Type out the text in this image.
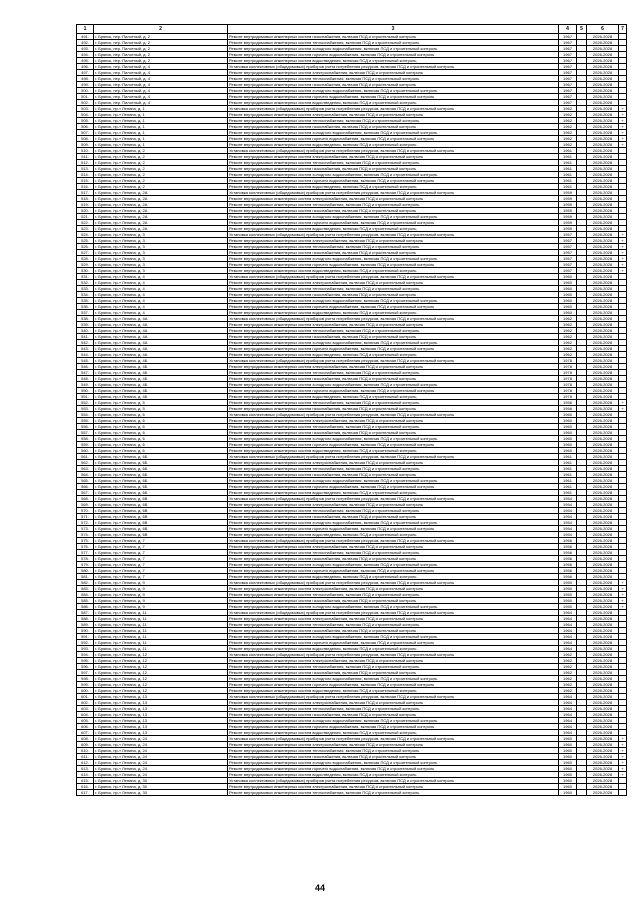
1	2	3	4	5	6	7
491.	г. Брянск, пер. Пилотный, д. 2	Ремонт внутридомовых инженерных систем газоснабжения, включая ПСД и строительный контроль	1967		2026-2028	
492.	г. Брянск, пер. Пилотный, д. 2	Ремонт внутридомовых инженерных систем теплоснабжения, включая ПСД и строительный контроль	1967		2026-2028	
493.	г. Брянск, пер. Пилотный, д. 2	Ремонт внутридомовых инженерных систем холодного водоснабжения, включая ПСД и строительный контроль	1967		2026-2028	
494.	г. Брянск, пер. Пилотный, д. 2	Ремонт внутридомовых инженерных систем горячего водоснабжения, включая ПСД и строительный контроль	1967		2026-2028	
495.	г. Брянск, пер. Пилотный, д. 2	Ремонт внутридомовых инженерных систем водоотведения, включая ПСД и строительный контроль	1967		2026-2028	
496.	г. Брянск, пер. Пилотный, д. 4	Установка коллективных (общедомовых) приборов учета потребления ресурсов, включая ПСД и строительный контроль	1967		2026-2028	
497.	г. Брянск, пер. Пилотный, д. 4	Ремонт внутридомовых инженерных систем электроснабжения, включая ПСД и строительный контроль	1967		2026-2028	
498.	г. Брянск, пер. Пилотный, д. 4	Ремонт внутридомовых инженерных систем теплоснабжения, включая ПСД и строительный контроль	1967		2026-2028	
499.	г. Брянск, пер. Пилотный, д. 4	Ремонт внутридомовых инженерных систем газоснабжения, включая ПСД и строительный контроль	1967		2026-2028	
500.	г. Брянск, пер. Пилотный, д. 4	Ремонт внутридомовых инженерных систем холодного водоснабжения, включая ПСД и строительный контроль	1967		2026-2028	
501.	г. Брянск, пер. Пилотный, д. 4	Ремонт внутридомовых инженерных систем горячего водоснабжения, включая ПСД и строительный контроль	1967		2026-2028	
502.	г. Брянск, пер. Пилотный, д. 4	Ремонт внутридомовых инженерных систем водоотведения, включая ПСД и строительный контроль	1967		2026-2028	
503.	г. Брянск, пр-т Ленина, д. 1	Установка коллективных (общедомовых) приборов учета потребления ресурсов, включая ПСД и строительный контроль	1962		2026-2028	+
504.	г. Брянск, пр-т Ленина, д. 1	Ремонт внутридомовых инженерных систем электроснабжения, включая ПСД и строительный контроль	1962		2026-2028	+
505.	г. Брянск, пр-т Ленина, д. 1	Ремонт внутридомовых инженерных систем теплоснабжения, включая ПСД и строительный контроль	1962		2026-2028	+
506.	г. Брянск, пр-т Ленина, д. 1	Ремонт внутридомовых инженерных систем газоснабжения, включая ПСД и строительный контроль	1962		2026-2028	+
507.	г. Брянск, пр-т Ленина, д. 1	Ремонт внутридомовых инженерных систем холодного водоснабжения, включая ПСД и строительный контроль	1962		2026-2028	+
508.	г. Брянск, пр-т Ленина, д. 1	Ремонт внутридомовых инженерных систем горячего водоснабжения, включая ПСД и строительный контроль	1962		2026-2028	+
509.	г. Брянск, пр-т Ленина, д. 1	Ремонт внутридомовых инженерных систем водоотведения, включая ПСД и строительный контроль	1962		2026-2028	+
510.	г. Брянск, пр-т Ленина, д. 2	Установка коллективных (общедомовых) приборов учета потребления ресурсов, включая ПСД и строительный контроль	1961		2026-2028	
511.	г. Брянск, пр-т Ленина, д. 2	Ремонт внутридомовых инженерных систем электроснабжения, включая ПСД и строительный контроль	1961		2026-2028	
512.	г. Брянск, пр-т Ленина, д. 2	Ремонт внутридомовых инженерных систем теплоснабжения, включая ПСД и строительный контроль	1961		2026-2028	
513.	г. Брянск, пр-т Ленина, д. 2	Ремонт внутридомовых инженерных систем газоснабжения, включая ПСД и строительный контроль	1961		2026-2028	
514.	г. Брянск, пр-т Ленина, д. 2	Ремонт внутридомовых инженерных систем холодного водоснабжения, включая ПСД и строительный контроль	1961		2026-2028	
515.	г. Брянск, пр-т Ленина, д. 2	Ремонт внутридомовых инженерных систем горячего водоснабжения, включая ПСД и строительный контроль	1961		2026-2028	
516.	г. Брянск, пр-т Ленина, д. 2	Ремонт внутридомовых инженерных систем водоотведения, включая ПСД и строительный контроль	1961		2026-2028	
517.	г. Брянск, пр-т Ленина, д. 2А	Установка коллективных (общедомовых) приборов учета потребления ресурсов, включая ПСД и строительный контроль	1959		2026-2028	
518.	г. Брянск, пр-т Ленина, д. 2А	Ремонт внутридомовых инженерных систем электроснабжения, включая ПСД и строительный контроль	1959		2026-2028	
519.	г. Брянск, пр-т Ленина, д. 2А	Ремонт внутридомовых инженерных систем теплоснабжения, включая ПСД и строительный контроль	1959		2026-2028	
520.	г. Брянск, пр-т Ленина, д. 2А	Ремонт внутридомовых инженерных систем газоснабжения, включая ПСД и строительный контроль	1959		2026-2028	
521.	г. Брянск, пр-т Ленина, д. 2А	Ремонт внутридомовых инженерных систем холодного водоснабжения, включая ПСД и строительный контроль	1959		2026-2028	
522.	г. Брянск, пр-т Ленина, д. 2А	Ремонт внутридомовых инженерных систем горячего водоснабжения, включая ПСД и строительный контроль	1959		2026-2028	
523.	г. Брянск, пр-т Ленина, д. 2А	Ремонт внутридомовых инженерных систем водоотведения, включая ПСД и строительный контроль	1959		2026-2028	
524.	г. Брянск, пр-т Ленина, д. 3	Установка коллективных (общедомовых) приборов учета потребления ресурсов, включая ПСД и строительный контроль	1957		2026-2028	+
525.	г. Брянск, пр-т Ленина, д. 3	Ремонт внутридомовых инженерных систем электроснабжения, включая ПСД и строительный контроль	1957		2026-2028	+
526.	г. Брянск, пр-т Ленина, д. 3	Ремонт внутридомовых инженерных систем теплоснабжения, включая ПСД и строительный контроль	1957		2026-2028	+
527.	г. Брянск, пр-т Ленина, д. 3	Ремонт внутридомовых инженерных систем газоснабжения, включая ПСД и строительный контроль	1957		2026-2028	+
528.	г. Брянск, пр-т Ленина, д. 3	Ремонт внутридомовых инженерных систем холодного водоснабжения, включая ПСД и строительный контроль	1957		2026-2028	+
529.	г. Брянск, пр-т Ленина, д. 3	Ремонт внутридомовых инженерных систем горячего водоснабжения, включая ПСД и строительный контроль	1957		2026-2028	+
530.	г. Брянск, пр-т Ленина, д. 3	Ремонт внутридомовых инженерных систем водоотведения, включая ПСД и строительный контроль	1957		2026-2028	+
531.	г. Брянск, пр-т Ленина, д. 4	Установка коллективных (общедомовых) приборов учета потребления ресурсов, включая ПСД и строительный контроль	1960		2026-2028	
532.	г. Брянск, пр-т Ленина, д. 4	Ремонт внутридомовых инженерных систем электроснабжения, включая ПСД и строительный контроль	1960		2026-2028	
533.	г. Брянск, пр-т Ленина, д. 4	Ремонт внутридомовых инженерных систем теплоснабжения, включая ПСД и строительный контроль	1960		2026-2028	
534.	г. Брянск, пр-т Ленина, д. 4	Ремонт внутридомовых инженерных систем газоснабжения, включая ПСД и строительный контроль	1960		2026-2028	
535.	г. Брянск, пр-т Ленина, д. 4	Ремонт внутридомовых инженерных систем холодного водоснабжения, включая ПСД и строительный контроль	1960		2026-2028	
536.	г. Брянск, пр-т Ленина, д. 4	Ремонт внутридомовых инженерных систем горячего водоснабжения, включая ПСД и строительный контроль	1960		2026-2028	
537.	г. Брянск, пр-т Ленина, д. 4	Ремонт внутридомовых инженерных систем водоотведения, включая ПСД и строительный контроль	1960		2026-2028	
538.	г. Брянск, пр-т Ленина, д. 4А	Установка коллективных (общедомовых) приборов учета потребления ресурсов, включая ПСД и строительный контроль	1962		2026-2028	
539.	г. Брянск, пр-т Ленина, д. 4А	Ремонт внутридомовых инженерных систем электроснабжения, включая ПСД и строительный контроль	1962		2026-2028	
540.	г. Брянск, пр-т Ленина, д. 4А	Ремонт внутридомовых инженерных систем теплоснабжения, включая ПСД и строительный контроль	1962		2026-2028	
541.	г. Брянск, пр-т Ленина, д. 4А	Ремонт внутридомовых инженерных систем газоснабжения, включая ПСД и строительный контроль	1962		2026-2028	
542.	г. Брянск, пр-т Ленина, д. 4А	Ремонт внутридомовых инженерных систем холодного водоснабжения, включая ПСД и строительный контроль	1962		2026-2028	
543.	г. Брянск, пр-т Ленина, д. 4А	Ремонт внутридомовых инженерных систем горячего водоснабжения, включая ПСД и строительный контроль	1962		2026-2028	
544.	г. Брянск, пр-т Ленина, д. 4А	Ремонт внутридомовых инженерных систем водоотведения, включая ПСД и строительный контроль	1962		2026-2028	
545.	г. Брянск, пр-т Ленина, д. 4Б	Установка коллективных (общедомовых) приборов учета потребления ресурсов, включая ПСД и строительный контроль	1978		2026-2028	
546.	г. Брянск, пр-т Ленина, д. 4Б	Ремонт внутридомовых инженерных систем электроснабжения, включая ПСД и строительный контроль	1978		2026-2028	
547.	г. Брянск, пр-т Ленина, д. 4Б	Ремонт внутридомовых инженерных систем теплоснабжения, включая ПСД и строительный контроль	1978		2026-2028	
548.	г. Брянск, пр-т Ленина, д. 4Б	Ремонт внутридомовых инженерных систем газоснабжения, включая ПСД и строительный контроль	1978		2026-2028	
549.	г. Брянск, пр-т Ленина, д. 4Б	Ремонт внутридомовых инженерных систем холодного водоснабжения, включая ПСД и строительный контроль	1978		2026-2028	
550.	г. Брянск, пр-т Ленина, д. 4Б	Ремонт внутридомовых инженерных систем горячего водоснабжения, включая ПСД и строительный контроль	1978		2026-2028	
551.	г. Брянск, пр-т Ленина, д. 4Б	Ремонт внутридомовых инженерных систем водоотведения, включая ПСД и строительный контроль	1978		2026-2028	
552.	г. Брянск, пр-т Ленина, д. 5	Ремонт внутридомовых инженерных систем теплоснабжения, включая ПСД и строительный контроль	1956		2026-2028	+
553.	г. Брянск, пр-т Ленина, д. 5	Ремонт внутридомовых инженерных систем газоснабжения, включая ПСД и строительный контроль	1956		2026-2028	+
554.	г. Брянск, пр-т Ленина, д. 6	Установка коллективных (общедомовых) приборов учета потребления ресурсов, включая ПСД и строительный контроль	1960		2026-2028	
555.	г. Брянск, пр-т Ленина, д. 6	Ремонт внутридомовых инженерных систем электроснабжения, включая ПСД и строительный контроль	1960		2026-2028	
556.	г. Брянск, пр-т Ленина, д. 6	Ремонт внутридомовых инженерных систем теплоснабжения, включая ПСД и строительный контроль	1960		2026-2028	
557.	г. Брянск, пр-т Ленина, д. 6	Ремонт внутридомовых инженерных систем газоснабжения, включая ПСД и строительный контроль	1960		2026-2028	
558.	г. Брянск, пр-т Ленина, д. 6	Ремонт внутридомовых инженерных систем холодного водоснабжения, включая ПСД и строительный контроль	1960		2026-2028	
559.	г. Брянск, пр-т Ленина, д. 6	Ремонт внутридомовых инженерных систем горячего водоснабжения, включая ПСД и строительный контроль	1960		2026-2028	
560.	г. Брянск, пр-т Ленина, д. 6	Ремонт внутридомовых инженерных систем водоотведения, включая ПСД и строительный контроль	1960		2026-2028	
561.	г. Брянск, пр-т Ленина, д. 6Б	Установка коллективных (общедомовых) приборов учета потребления ресурсов, включая ПСД и строительный контроль	1961		2026-2028	
562.	г. Брянск, пр-т Ленина, д. 6Б	Ремонт внутридомовых инженерных систем электроснабжения, включая ПСД и строительный контроль	1961		2026-2028	
563.	г. Брянск, пр-т Ленина, д. 6Б	Ремонт внутридомовых инженерных систем теплоснабжения, включая ПСД и строительный контроль	1961		2026-2028	
564.	г. Брянск, пр-т Ленина, д. 6Б	Ремонт внутридомовых инженерных систем газоснабжения, включая ПСД и строительный контроль	1961		2026-2028	
565.	г. Брянск, пр-т Ленина, д. 6Б	Ремонт внутридомовых инженерных систем холодного водоснабжения, включая ПСД и строительный контроль	1961		2026-2028	
566.	г. Брянск, пр-т Ленина, д. 6Б	Ремонт внутридомовых инженерных систем горячего водоснабжения, включая ПСД и строительный контроль	1961		2026-2028	
567.	г. Брянск, пр-т Ленина, д. 6Б	Ремонт внутридомовых инженерных систем водоотведения, включая ПСД и строительный контроль	1961		2026-2028	
568.	г. Брянск, пр-т Ленина, д. 6В	Установка коллективных (общедомовых) приборов учета потребления ресурсов, включая ПСД и строительный контроль	1954		2026-2028	
569.	г. Брянск, пр-т Ленина, д. 6В	Ремонт внутридомовых инженерных систем электроснабжения, включая ПСД и строительный контроль	1954		2026-2028	
570.	г. Брянск, пр-т Ленина, д. 6В	Ремонт внутридомовых инженерных систем теплоснабжения, включая ПСД и строительный контроль	1954		2026-2028	
571.	г. Брянск, пр-т Ленина, д. 6В	Ремонт внутридомовых инженерных систем газоснабжения, включая ПСД и строительный контроль	1954		2026-2028	
572.	г. Брянск, пр-т Ленина, д. 6В	Ремонт внутридомовых инженерных систем холодного водоснабжения, включая ПСД и строительный контроль	1954		2026-2028	
573.	г. Брянск, пр-т Ленина, д. 6В	Ремонт внутридомовых инженерных систем горячего водоснабжения, включая ПСД и строительный контроль	1954		2026-2028	
574.	г. Брянск, пр-т Ленина, д. 6В	Ремонт внутридомовых инженерных систем водоотведения, включая ПСД и строительный контроль	1954		2026-2028	
575.	г. Брянск, пр-т Ленина, д. 7	Установка коллективных (общедомовых) приборов учета потребления ресурсов, включая ПСД и строительный контроль	1956		2026-2028	
576.	г. Брянск, пр-т Ленина, д. 7	Ремонт внутридомовых инженерных систем электроснабжения, включая ПСД и строительный контроль	1956		2026-2028	
577.	г. Брянск, пр-т Ленина, д. 7	Ремонт внутридомовых инженерных систем теплоснабжения, включая ПСД и строительный контроль	1956		2026-2028	
578.	г. Брянск, пр-т Ленина, д. 7	Ремонт внутридомовых инженерных систем газоснабжения, включая ПСД и строительный контроль	1956		2026-2028	
579.	г. Брянск, пр-т Ленина, д. 7	Ремонт внутридомовых инженерных систем холодного водоснабжения, включая ПСД и строительный контроль	1956		2026-2028	
580.	г. Брянск, пр-т Ленина, д. 7	Ремонт внутридомовых инженерных систем горячего водоснабжения, включая ПСД и строительный контроль	1956		2026-2028	
581.	г. Брянск, пр-т Ленина, д. 7	Ремонт внутридомовых инженерных систем водоотведения, включая ПСД и строительный контроль	1956		2026-2028	
582.	г. Брянск, пр-т Ленина, д. 9	Установка коллективных (общедомовых) приборов учета потребления ресурсов, включая ПСД и строительный контроль	1950		2026-2028	+
583.	г. Брянск, пр-т Ленина, д. 9	Ремонт внутридомовых инженерных систем электроснабжения, включая ПСД и строительный контроль	1950		2026-2028	+
584.	г. Брянск, пр-т Ленина, д. 9	Ремонт внутридомовых инженерных систем теплоснабжения, включая ПСД и строительный контроль	1950		2026-2028	+
585.	г. Брянск, пр-т Ленина, д. 9	Ремонт внутридомовых инженерных систем газоснабжения, включая ПСД и строительный контроль	1950		2026-2028	+
586.	г. Брянск, пр-т Ленина, д. 9	Ремонт внутридомовых инженерных систем холодного водоснабжения, включая ПСД и строительный контроль	1950		2026-2028	+
587.	г. Брянск, пр-т Ленина, д. 11	Установка коллективных (общедомовых) приборов учета потребления ресурсов, включая ПСД и строительный контроль	1964		2026-2028	
588.	г. Брянск, пр-т Ленина, д. 11	Ремонт внутридомовых инженерных систем электроснабжения, включая ПСД и строительный контроль	1964		2026-2028	
589.	г. Брянск, пр-т Ленина, д. 11	Ремонт внутридомовых инженерных систем теплоснабжения, включая ПСД и строительный контроль	1964		2026-2028	
590.	г. Брянск, пр-т Ленина, д. 11	Ремонт внутридомовых инженерных систем газоснабжения, включая ПСД и строительный контроль	1964		2026-2028	
591.	г. Брянск, пр-т Ленина, д. 11	Ремонт внутридомовых инженерных систем холодного водоснабжения, включая ПСД и строительный контроль	1964		2026-2028	
592.	г. Брянск, пр-т Ленина, д. 11	Ремонт внутридомовых инженерных систем горячего водоснабжения, включая ПСД и строительный контроль	1964		2026-2028	
593.	г. Брянск, пр-т Ленина, д. 11	Ремонт внутридомовых инженерных систем водоотведения, включая ПСД и строительный контроль	1964		2026-2028	
594.	г. Брянск, пр-т Ленина, д. 12	Установка коллективных (общедомовых) приборов учета потребления ресурсов, включая ПСД и строительный контроль	1962		2026-2028	
595.	г. Брянск, пр-т Ленина, д. 12	Ремонт внутридомовых инженерных систем электроснабжения, включая ПСД и строительный контроль	1962		2026-2028	
596.	г. Брянск, пр-т Ленина, д. 12	Ремонт внутридомовых инженерных систем теплоснабжения, включая ПСД и строительный контроль	1962		2026-2028	
597.	г. Брянск, пр-т Ленина, д. 12	Ремонт внутридомовых инженерных систем газоснабжения, включая ПСД и строительный контроль	1962		2026-2028	
598.	г. Брянск, пр-т Ленина, д. 12	Ремонт внутридомовых инженерных систем холодного водоснабжения, включая ПСД и строительный контроль	1962		2026-2028	
599.	г. Брянск, пр-т Ленина, д. 12	Ремонт внутридомовых инженерных систем горячего водоснабжения, включая ПСД и строительный контроль	1962		2026-2028	
600.	г. Брянск, пр-т Ленина, д. 12	Ремонт внутридомовых инженерных систем водоотведения, включая ПСД и строительный контроль	1962		2026-2028	
601.	г. Брянск, пр-т Ленина, д. 13	Установка коллективных (общедомовых) приборов учета потребления ресурсов, включая ПСД и строительный контроль	1964		2026-2028	
602.	г. Брянск, пр-т Ленина, д. 13	Ремонт внутридомовых инженерных систем электроснабжения, включая ПСД и строительный контроль	1964		2026-2028	
603.	г. Брянск, пр-т Ленина, д. 13	Ремонт внутридомовых инженерных систем теплоснабжения, включая ПСД и строительный контроль	1964		2026-2028	
604.	г. Брянск, пр-т Ленина, д. 13	Ремонт внутридомовых инженерных систем газоснабжения, включая ПСД и строительный контроль	1964		2026-2028	
605.	г. Брянск, пр-т Ленина, д. 13	Ремонт внутридомовых инженерных систем холодного водоснабжения, включая ПСД и строительный контроль	1964		2026-2028	
606.	г. Брянск, пр-т Ленина, д. 13	Ремонт внутридомовых инженерных систем горячего водоснабжения, включая ПСД и строительный контроль	1964		2026-2028	
607.	г. Брянск, пр-т Ленина, д. 13	Ремонт внутридомовых инженерных систем водоотведения, включая ПСД и строительный контроль	1964		2026-2028	
608.	г. Брянск, пр-т Ленина, д. 24	Установка коллективных (общедомовых) приборов учета потребления ресурсов, включая ПСД и строительный контроль	1960		2026-2028	+
609.	г. Брянск, пр-т Ленина, д. 24	Ремонт внутридомовых инженерных систем электроснабжения, включая ПСД и строительный контроль	1960		2026-2028	+
610.	г. Брянск, пр-т Ленина, д. 24	Ремонт внутридомовых инженерных систем теплоснабжения, включая ПСД и строительный контроль	1960		2026-2028	+
611.	г. Брянск, пр-т Ленина, д. 24	Ремонт внутридомовых инженерных систем газоснабжения, включая ПСД и строительный контроль	1960		2026-2028	+
612.	г. Брянск, пр-т Ленина, д. 24	Ремонт внутридомовых инженерных систем холодного водоснабжения, включая ПСД и строительный контроль	1960		2026-2028	+
613.	г. Брянск, пр-т Ленина, д. 24	Ремонт внутридомовых инженерных систем горячего водоснабжения, включая ПСД и строительный контроль	1960		2026-2028	+
614.	г. Брянск, пр-т Ленина, д. 24	Ремонт внутридомовых инженерных систем водоотведения, включая ПСД и строительный контроль	1960		2026-2028	+
615.	г. Брянск, пр-т Ленина, д. 30	Установка коллективных (общедомовых) приборов учета потребления ресурсов, включая ПСД и строительный контроль	1960		2026-2028	
616.	г. Брянск, пр-т Ленина, д. 30	Ремонт внутридомовых инженерных систем электроснабжения, включая ПСД и строительный контроль	1960		2026-2028	
617.	г. Брянск, пр-т Ленина, д. 30	Ремонт внутридомовых инженерных систем теплоснабжения, включая ПСД и строительный контроль	1960		2026-2028	
44
